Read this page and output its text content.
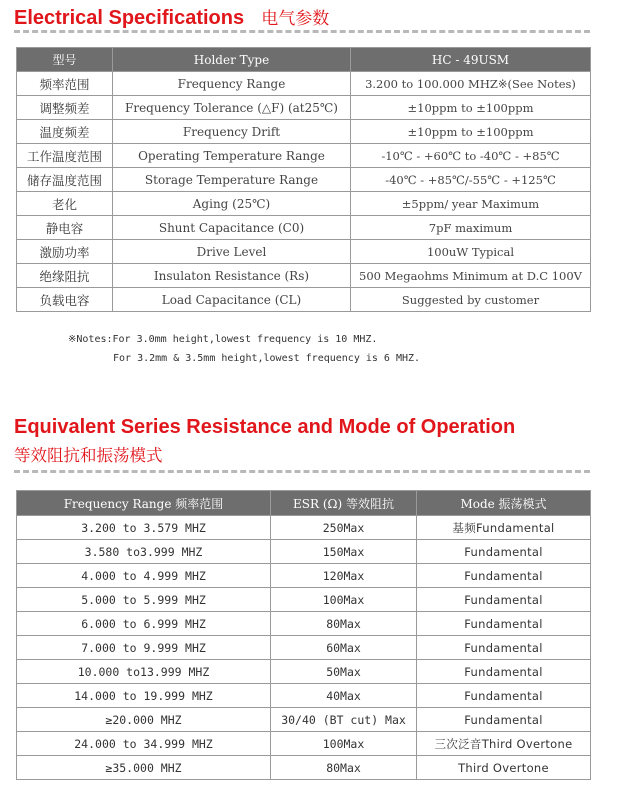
Electrical Specifications 电气参数
型号	Holder Type	HC - 49USM
频率范围	Frequency Range	3.200 to 100.000 MHZ※(See Notes)
调整频差	Frequency Tolerance (△F) (at25℃)	±10ppm to ±100ppm
温度频差	Frequency Drift	±10ppm to ±100ppm
工作温度范围	Operating Temperature Range	-10℃ - +60℃ to -40℃ - +85℃
储存温度范围	Storage Temperature Range	-40℃ - +85℃/-55℃ - +125℃
老化	Aging (25℃)	±5ppm/ year Maximum
静电容	Shunt Capacitance (C0)	7pF maximum
激励功率	Drive Level	100uW Typical
绝缘阻抗	Insulaton Resistance (Rs)	500 Megaohms Minimum at D.C 100V
负载电容	Load Capacitance (CL)	Suggested by customer
※Notes:For 3.0mm height,lowest frequency is 10 MHZ.
For 3.2mm & 3.5mm height,lowest frequency is 6 MHZ.
Equivalent Series Resistance and Mode of Operation
等效阻抗和振荡模式
Frequency Range 频率范围	ESR (Ω) 等效阻抗	Mode 振荡模式
3.200 to 3.579 MHZ	250Max	基频Fundamental
3.580 to3.999 MHZ	150Max	Fundamental
4.000 to 4.999 MHZ	120Max	Fundamental
5.000 to 5.999 MHZ	100Max	Fundamental
6.000 to 6.999 MHZ	80Max	Fundamental
7.000 to 9.999 MHZ	60Max	Fundamental
10.000 to13.999 MHZ	50Max	Fundamental
14.000 to 19.999 MHZ	40Max	Fundamental
≥20.000 MHZ	30/40 (BT cut) Max	Fundamental
24.000 to 34.999 MHZ	100Max	三次泛音Third Overtone
≥35.000 MHZ	80Max	Third Overtone
